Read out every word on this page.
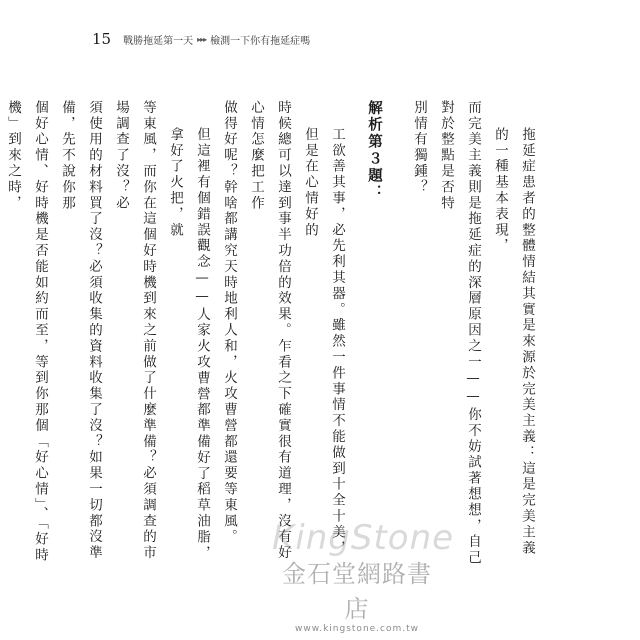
15 戰勝拖延第一天 ▸▸▸ 檢測一下你有拖延症嗎
拖延症患者的整體情結其實是來源於完美主義：這是完美主義的一種基本表現，
而完美主義則是拖延症的深層原因之一——你不妨試著想想，自己對於整點是否特
別情有獨鍾？
解析第３題：
工欲善其事，必先利其器。雖然一件事情不能做到十全十美，但是在心情好的
時候總可以達到事半功倍的效果。乍看之下確實很有道理，沒有好心情怎麼把工作
做得好呢？幹啥都講究天時地利人和，火攻曹營都還要等東風。
但這裡有個錯誤觀念——人家火攻曹營都準備好了稻草油脂，拿好了火把，就
等東風，而你在這個好時機到來之前做了什麼準備？必須調查的市場調查了沒？必
須使用的材料買了沒？必須收集的資料收集了沒？如果一切都沒準備，先不說你那
個好心情、好時機是否能如約而至，等到你那個「好心情」、「好時機」到來之時，
KingStone
金石堂網路書店
www.kingstone.com.tw
